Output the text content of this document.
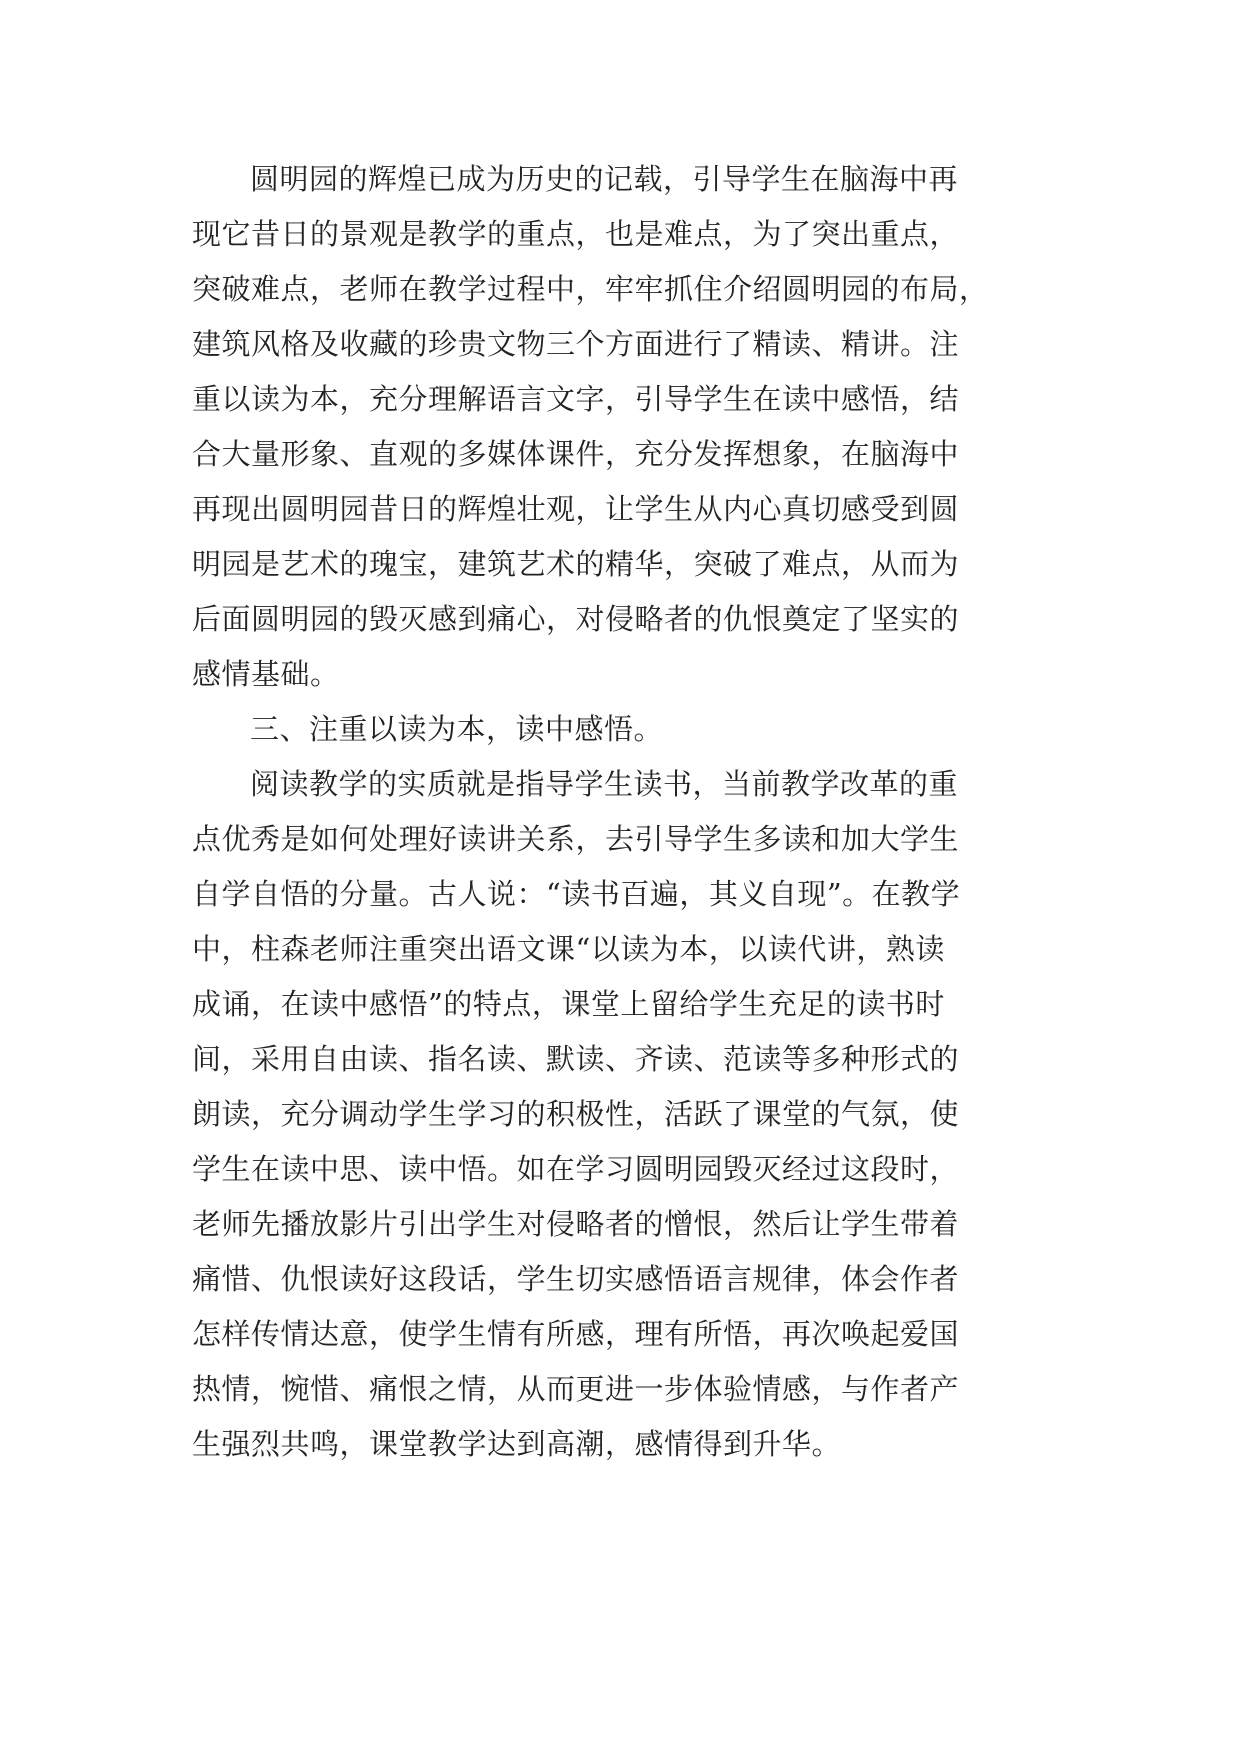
圆明园的辉煌已成为历史的记载，引导学生在脑海中再
现它昔日的景观是教学的重点，也是难点，为了突出重点，
突破难点，老师在教学过程中，牢牢抓住介绍圆明园的布局，
建筑风格及收藏的珍贵文物三个方面进行了精读、精讲。注
重以读为本，充分理解语言文字，引导学生在读中感悟，结
合大量形象、直观的多媒体课件，充分发挥想象，在脑海中
再现出圆明园昔日的辉煌壮观，让学生从内心真切感受到圆
明园是艺术的瑰宝，建筑艺术的精华，突破了难点，从而为
后面圆明园的毁灭感到痛心，对侵略者的仇恨奠定了坚实的
感情基础。
三、注重以读为本，读中感悟。
阅读教学的实质就是指导学生读书，当前教学改革的重
点优秀是如何处理好读讲关系，去引导学生多读和加大学生
自学自悟的分量。古人说：“读书百遍，其义自现”。在教学
中，柱森老师注重突出语文课“以读为本，以读代讲，熟读
成诵，在读中感悟”的特点，课堂上留给学生充足的读书时
间，采用自由读、指名读、默读、齐读、范读等多种形式的
朗读，充分调动学生学习的积极性，活跃了课堂的气氛，使
学生在读中思、读中悟。如在学习圆明园毁灭经过这段时，
老师先播放影片引出学生对侵略者的憎恨，然后让学生带着
痛惜、仇恨读好这段话，学生切实感悟语言规律，体会作者
怎样传情达意，使学生情有所感，理有所悟，再次唤起爱国
热情，惋惜、痛恨之情，从而更进一步体验情感，与作者产
生强烈共鸣，课堂教学达到高潮，感情得到升华。
